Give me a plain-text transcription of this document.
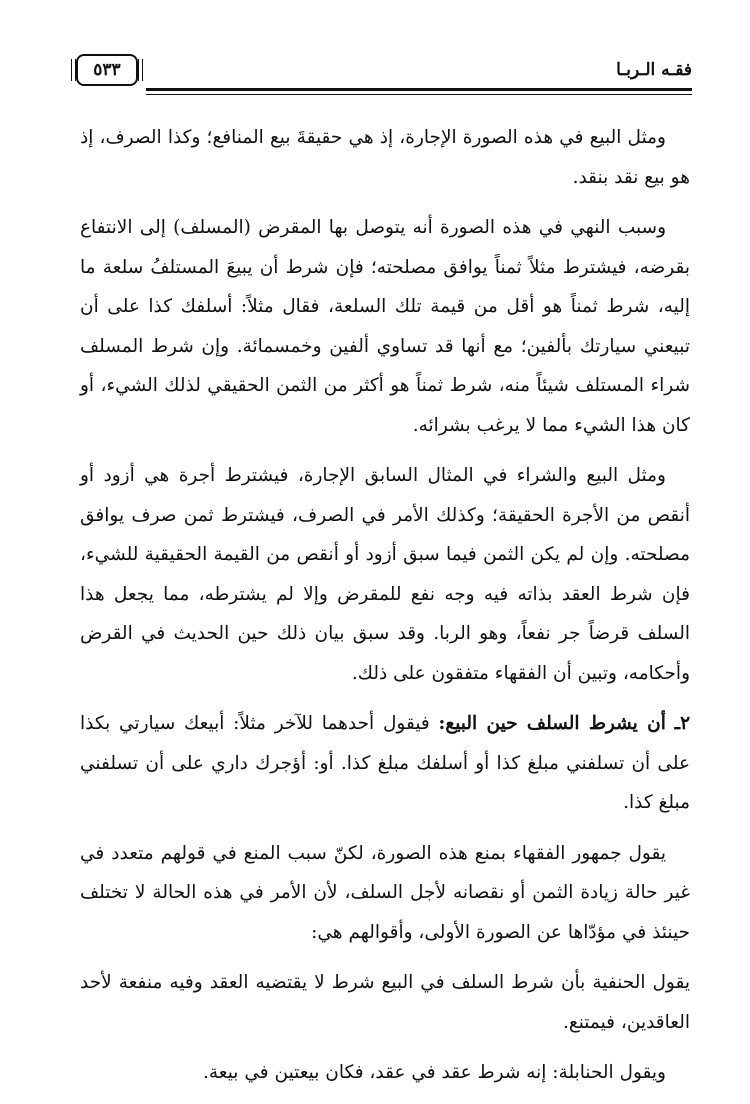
٥٣٣	فقـه الـربـا

ومثل البيع في هذه الصورة الإجارة، إذ هي حقيقةَ بيع المنافع؛ وكذا الصرف، إذ هو بيع نقد بنقد.

وسبب النهي في هذه الصورة أنه يتوصل بها المقرض (المسلف) إلى الانتفاع بقرضه، فيشترط مثلاً ثمناً يوافق مصلحته؛ فإن شرط أن يبيعَ المستلفُ سلعة ما إليه، شرط ثمناً هو أقل من قيمة تلك السلعة، فقال مثلاً: أسلفك كذا على أن تبيعني سيارتك بألفين؛ مع أنها قد تساوي ألفين وخمسمائة. وإن شرط المسلف شراء المستلف شيئاً منه، شرط ثمناً هو أكثر من الثمن الحقيقي لذلك الشيء، أو كان هذا الشيء مما لا يرغب بشرائه.

ومثل البيع والشراء في المثال السابق الإجارة، فيشترط أجرة هي أزود أو أنقص من الأجرة الحقيقة؛ وكذلك الأمر في الصرف، فيشترط ثمن صرف يوافق مصلحته. وإن لم يكن الثمن فيما سبق أزود أو أنقص من القيمة الحقيقية للشيء، فإن شرط العقد بذاته فيه وجه نفع للمقرض وإلا لم يشترطه، مما يجعل هذا السلف قرضاً جر نفعاً، وهو الربا. وقد سبق بيان ذلك حين الحديث في القرض وأحكامه، وتبين أن الفقهاء متفقون على ذلك.

٢ـ أن يشرط السلف حين البيع: فيقول أحدهما للآخر مثلاً: أبيعك سيارتي بكذا على أن تسلفني مبلغ كذا أو أسلفك مبلغ كذا. أو: أؤجرك داري على أن تسلفني مبلغ كذا.

يقول جمهور الفقهاء بمنع هذه الصورة، لكنّ سبب المنع في قولهم متعدد في غير حالة زيادة الثمن أو نقصانه لأجل السلف، لأن الأمر في هذه الحالة لا تختلف حينئذ في مؤدّاها عن الصورة الأولى، وأقوالهم هي:

يقول الحنفية بأن شرط السلف في البيع شرط لا يقتضيه العقد وفيه منفعة لأحد العاقدين، فيمتنع.

ويقول الحنابلة: إنه شرط عقد في عقد، فكان بيعتين في بيعة.
